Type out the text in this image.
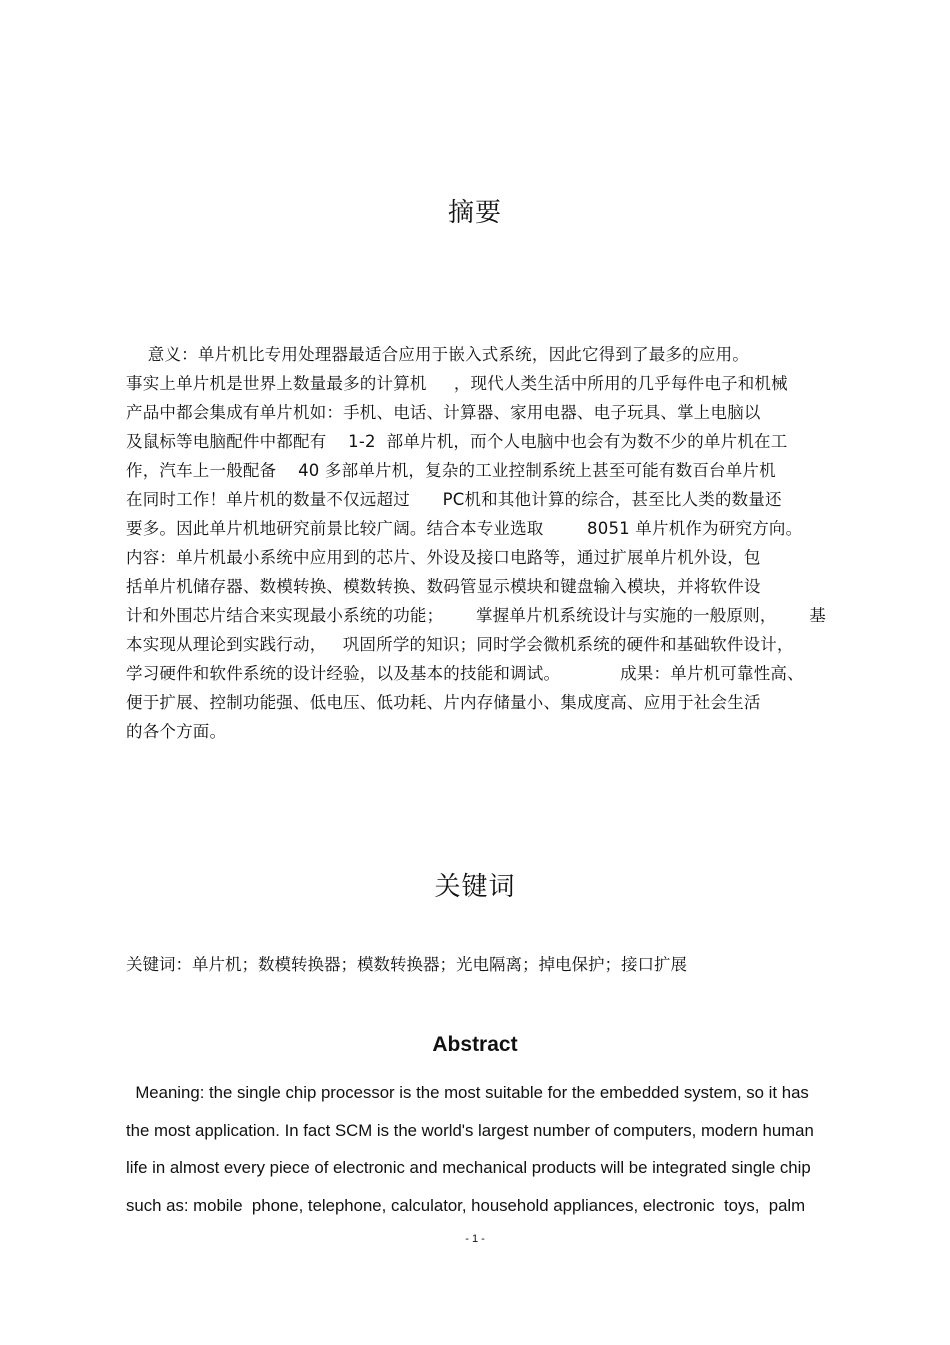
摘要
意义：单片机比专用处理器最适合应用于嵌入式系统，因此它得到了最多的应用。
事实上单片机是世界上数量最多的计算机     ，现代人类生活中所用的几乎每件电子和机械
产品中都会集成有单片机如：手机、电话、计算器、家用电器、电子玩具、掌上电脑以
及鼠标等电脑配件中都配有    1-2  部单片机，而个人电脑中也会有为数不少的单片机在工
作，汽车上一般配备    40 多部单片机，复杂的工业控制系统上甚至可能有数百台单片机
在同时工作！单片机的数量不仅远超过      PC机和其他计算的综合，甚至比人类的数量还
要多。因此单片机地研究前景比较广阔。结合本专业选取        8051 单片机作为研究方向。
内容：单片机最小系统中应用到的芯片、外设及接口电路等，通过扩展单片机外设，包
括单片机储存器、数模转换、模数转换、数码管显示模块和键盘输入模块，并将软件设
计和外围芯片结合来实现最小系统的功能；      掌握单片机系统设计与实施的一般原则，      基
本实现从理论到实践行动，   巩固所学的知识；同时学会微机系统的硬件和基础软件设计，
学习硬件和软件系统的设计经验，以及基本的技能和调试。           成果：单片机可靠性高、
便于扩展、控制功能强、低电压、低功耗、片内存储量小、集成度高、应用于社会生活
的各个方面。
关键词
关键词：单片机；数模转换器；模数转换器；光电隔离；掉电保护；接口扩展
Abstract
Meaning: the single chip processor is the most suitable for the embedded system, so it has
the most application. In fact SCM is the world's largest number of computers, modern human
life in almost every piece of electronic and mechanical products will be integrated single chip
such as: mobile  phone, telephone, calculator, household appliances, electronic  toys,  palm
- 1 -
